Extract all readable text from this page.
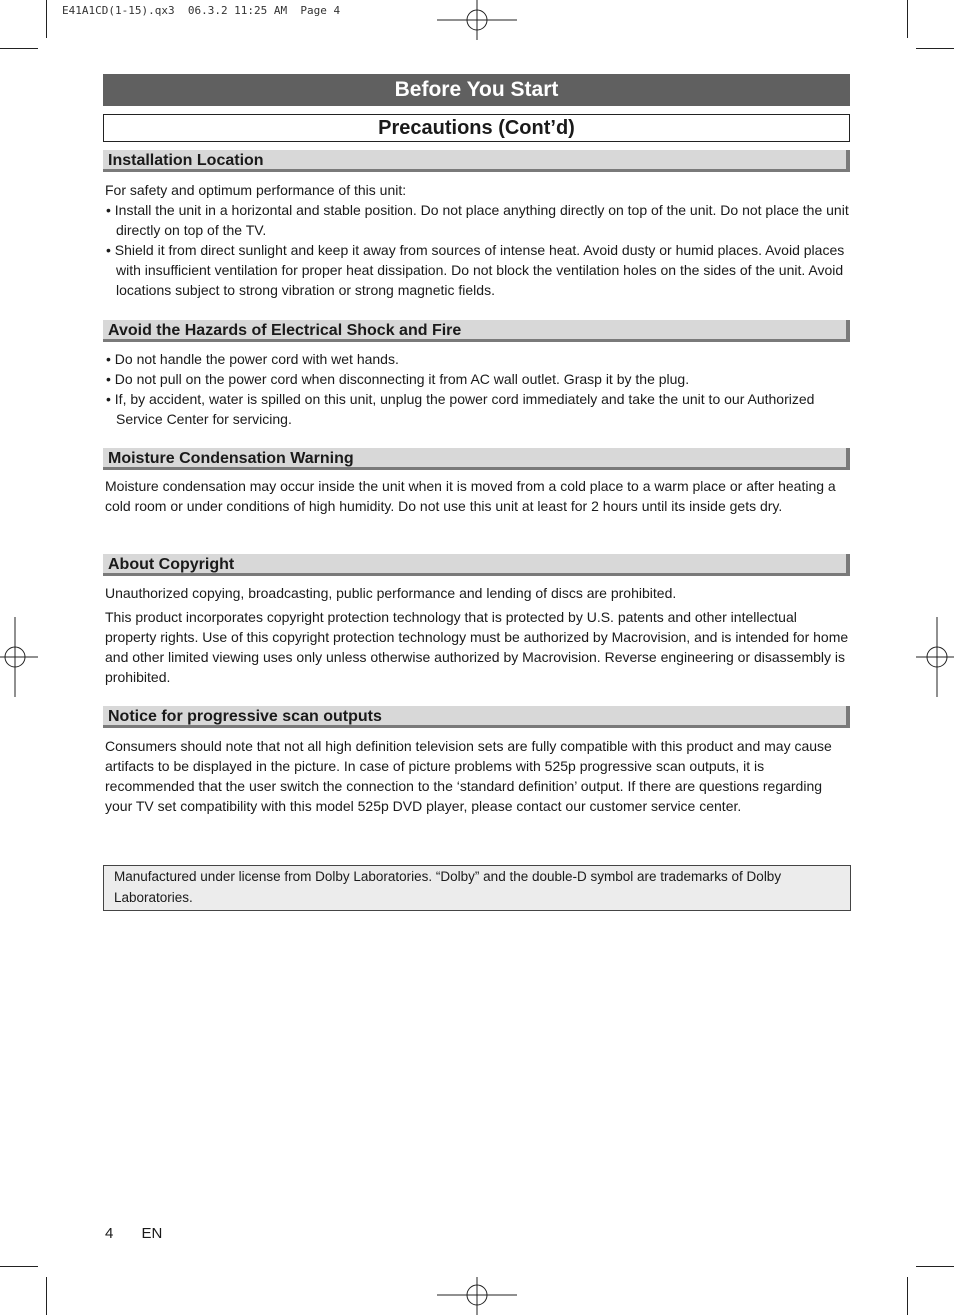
E41A1CD(1-15).qx3  06.3.2 11:25 AM  Page 4
Before You Start
Precautions (Cont’d)
Installation Location

For safety and optimum performance of this unit:

• Install the unit in a horizontal and stable position. Do not place anything directly on top of the unit. Do not place the unit directly on top of the TV.

• Shield it from direct sunlight and keep it away from sources of intense heat. Avoid dusty or humid places. Avoid places with insufficient ventilation for proper heat dissipation. Do not block the ventilation holes on the sides of the unit. Avoid locations subject to strong vibration or strong magnetic fields.

Avoid the Hazards of Electrical Shock and Fire

• Do not handle the power cord with wet hands.

• Do not pull on the power cord when disconnecting it from AC wall outlet. Grasp it by the plug.

• If, by accident, water is spilled on this unit, unplug the power cord immediately and take the unit to our Authorized Service Center for servicing.

Moisture Condensation Warning

Moisture condensation may occur inside the unit when it is moved from a cold place to a warm place or after heating a cold room or under conditions of high humidity. Do not use this unit at least for 2 hours until its inside gets dry.

About Copyright

Unauthorized copying, broadcasting, public performance and lending of discs are prohibited.

This product incorporates copyright protection technology that is protected by U.S. patents and other intellectual property rights. Use of this copyright protection technology must be authorized by Macrovision, and is intended for home and other limited viewing uses only unless otherwise authorized by Macrovision. Reverse engineering or disassembly is prohibited.

Notice for progressive scan outputs

Consumers should note that not all high definition television sets are fully compatible with this product and may cause artifacts to be displayed in the picture. In case of picture problems with 525p progressive scan outputs, it is recommended that the user switch the connection to the ‘standard definition’ output. If there are questions regarding your TV set compatibility with this model 525p DVD player, please contact our customer service center.

Manufactured under license from Dolby Laboratories. “Dolby” and the double-D symbol are trademarks of Dolby Laboratories.
4 EN
